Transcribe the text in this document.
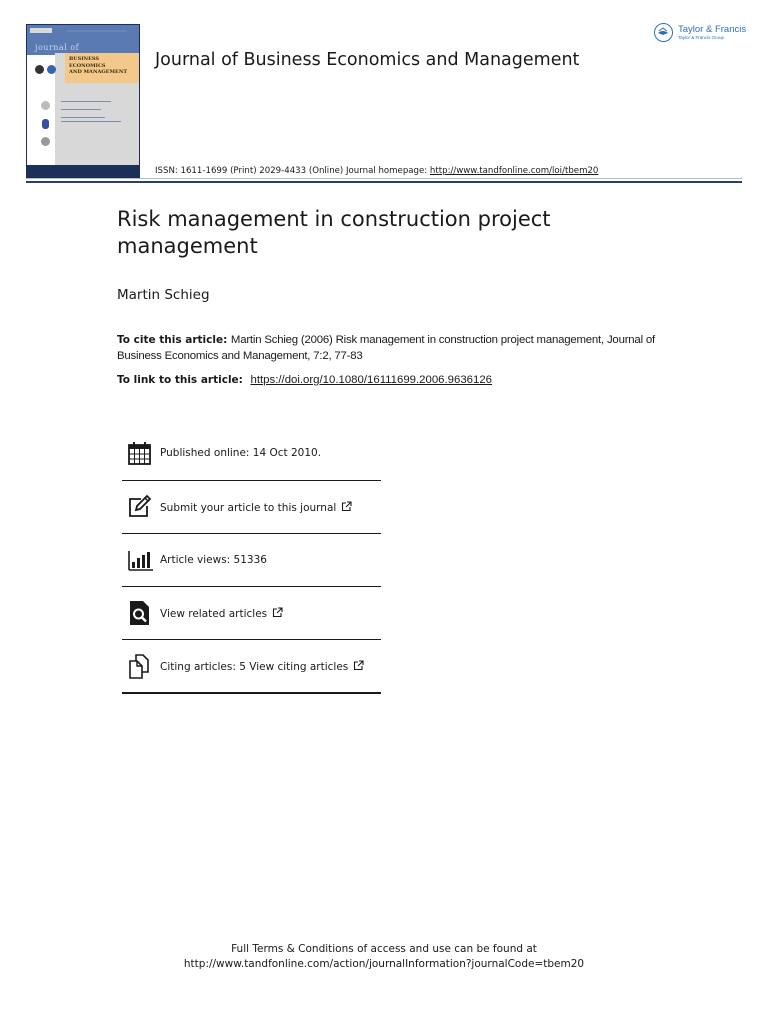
journal of
BUSINESS
ECONOMICS
AND MANAGEMENT
Journal of Business Economics and Management
Taylor & Francis
Taylor & Francis Group
ISSN: 1611-1699 (Print) 2029-4433 (Online) Journal homepage: http://www.tandfonline.com/loi/tbem20
Risk management in construction project management
Martin Schieg
To cite this article: Martin Schieg (2006) Risk management in construction project management, Journal of Business Economics and Management, 7:2, 77-83
To link to this article: https://doi.org/10.1080/16111699.2006.9636126
Published online: 14 Oct 2010.
Submit your article to this journal
Article views: 51336
View related articles
Citing articles: 5 View citing articles
Full Terms & Conditions of access and use can be found at
http://www.tandfonline.com/action/journalInformation?journalCode=tbem20
